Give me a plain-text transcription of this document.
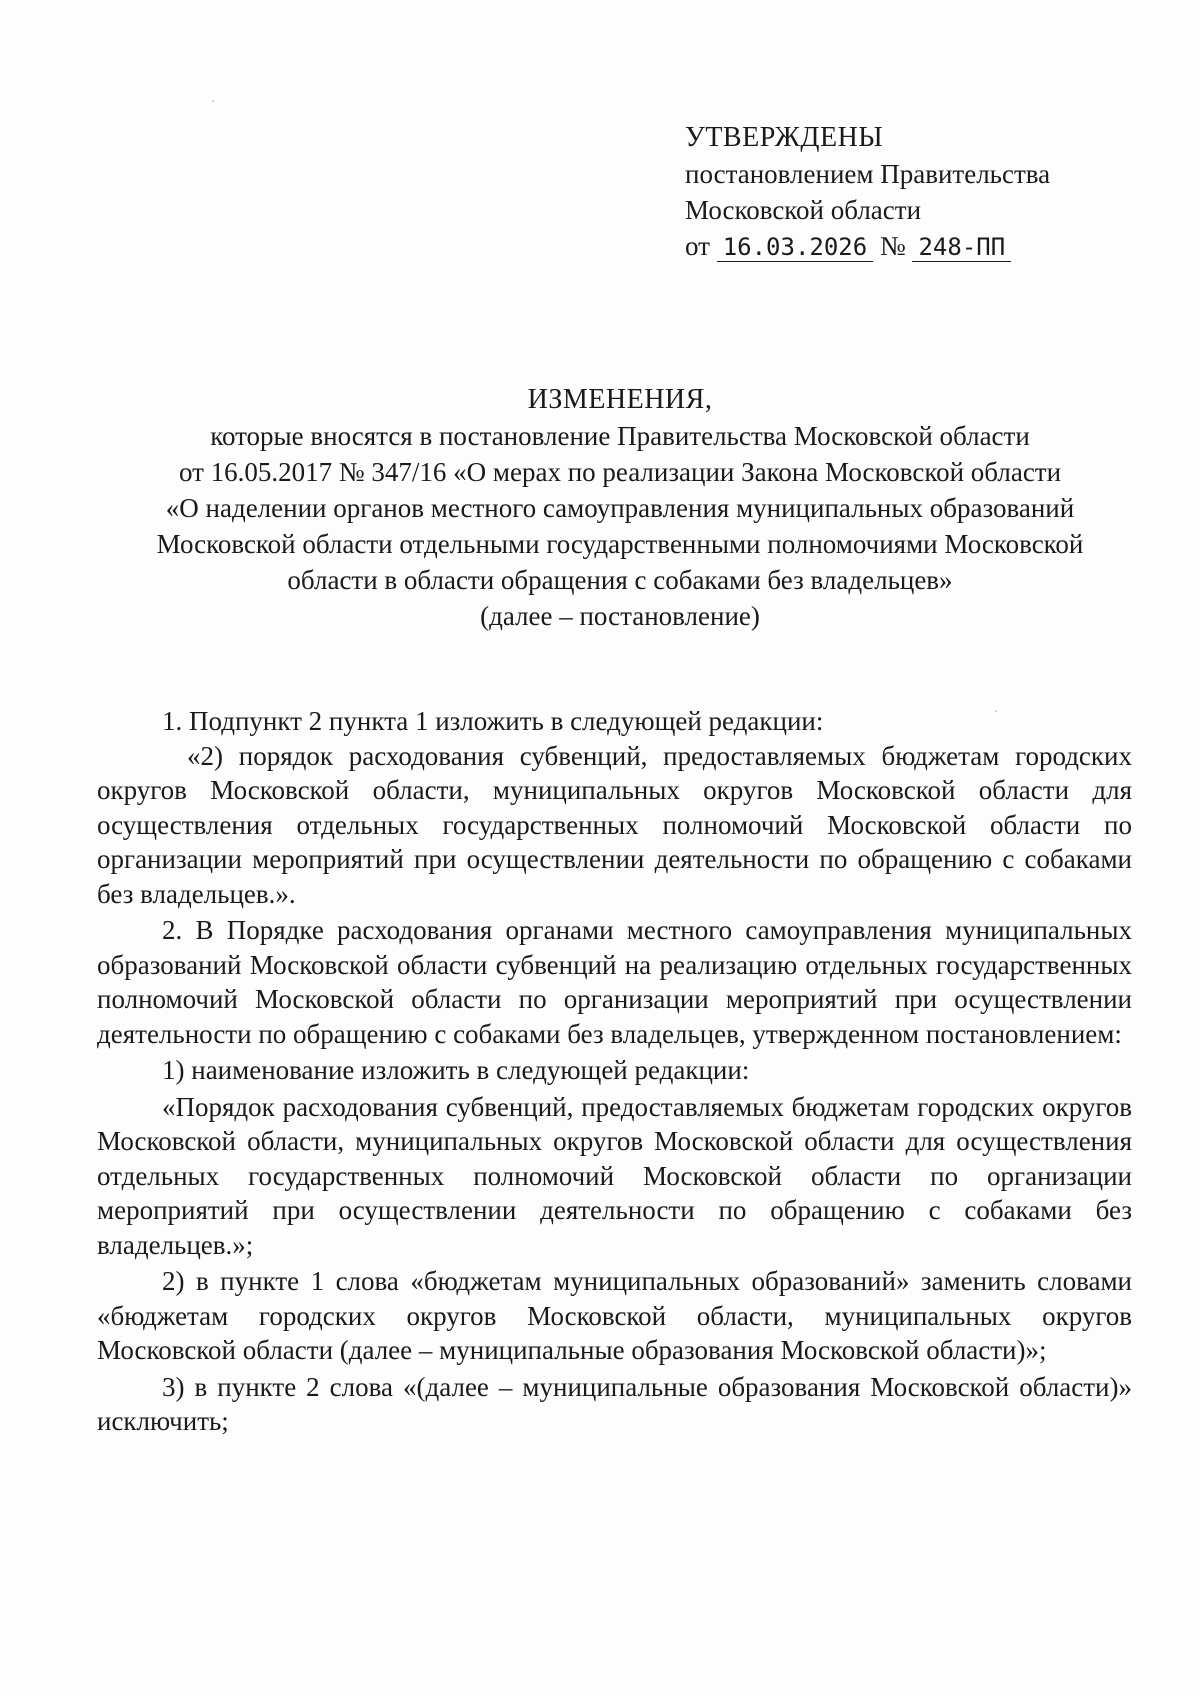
УТВЕРЖДЕНЫ
постановлением Правительства
Московской области
от 16.03.2026 № 248-ПП
ИЗМЕНЕНИЯ,
которые вносятся в постановление Правительства Московской области
от 16.05.2017 № 347/16 «О мерах по реализации Закона Московской области
«О наделении органов местного самоуправления муниципальных образований
Московской области отдельными государственными полномочиями Московской
области в области обращения с собаками без владельцев»
(далее – постановление)

1. Подпункт 2 пункта 1 изложить в следующей редакции:

«2) порядок расходования субвенций, предоставляемых бюджетам городских округов Московской области, муниципальных округов Московской области для осуществления отдельных государственных полномочий Московской области по организации мероприятий при осуществлении деятельности по обращению с собаками без владельцев.».

2. В Порядке расходования органами местного самоуправления муниципальных образований Московской области субвенций на реализацию отдельных государственных полномочий Московской области по организации мероприятий при осуществлении деятельности по обращению с собаками без владельцев, утвержденном постановлением:

1) наименование изложить в следующей редакции:

«Порядок расходования субвенций, предоставляемых бюджетам городских округов Московской области, муниципальных округов Московской области для осуществления отдельных государственных полномочий Московской области по организации мероприятий при осуществлении деятельности по обращению с собаками без владельцев.»;

2) в пункте 1 слова «бюджетам муниципальных образований» заменить словами «бюджетам городских округов Московской области, муниципальных округов Московской области (далее – муниципальные образования Московской области)»;

3) в пункте 2 слова «(далее – муниципальные образования Московской области)» исключить;
